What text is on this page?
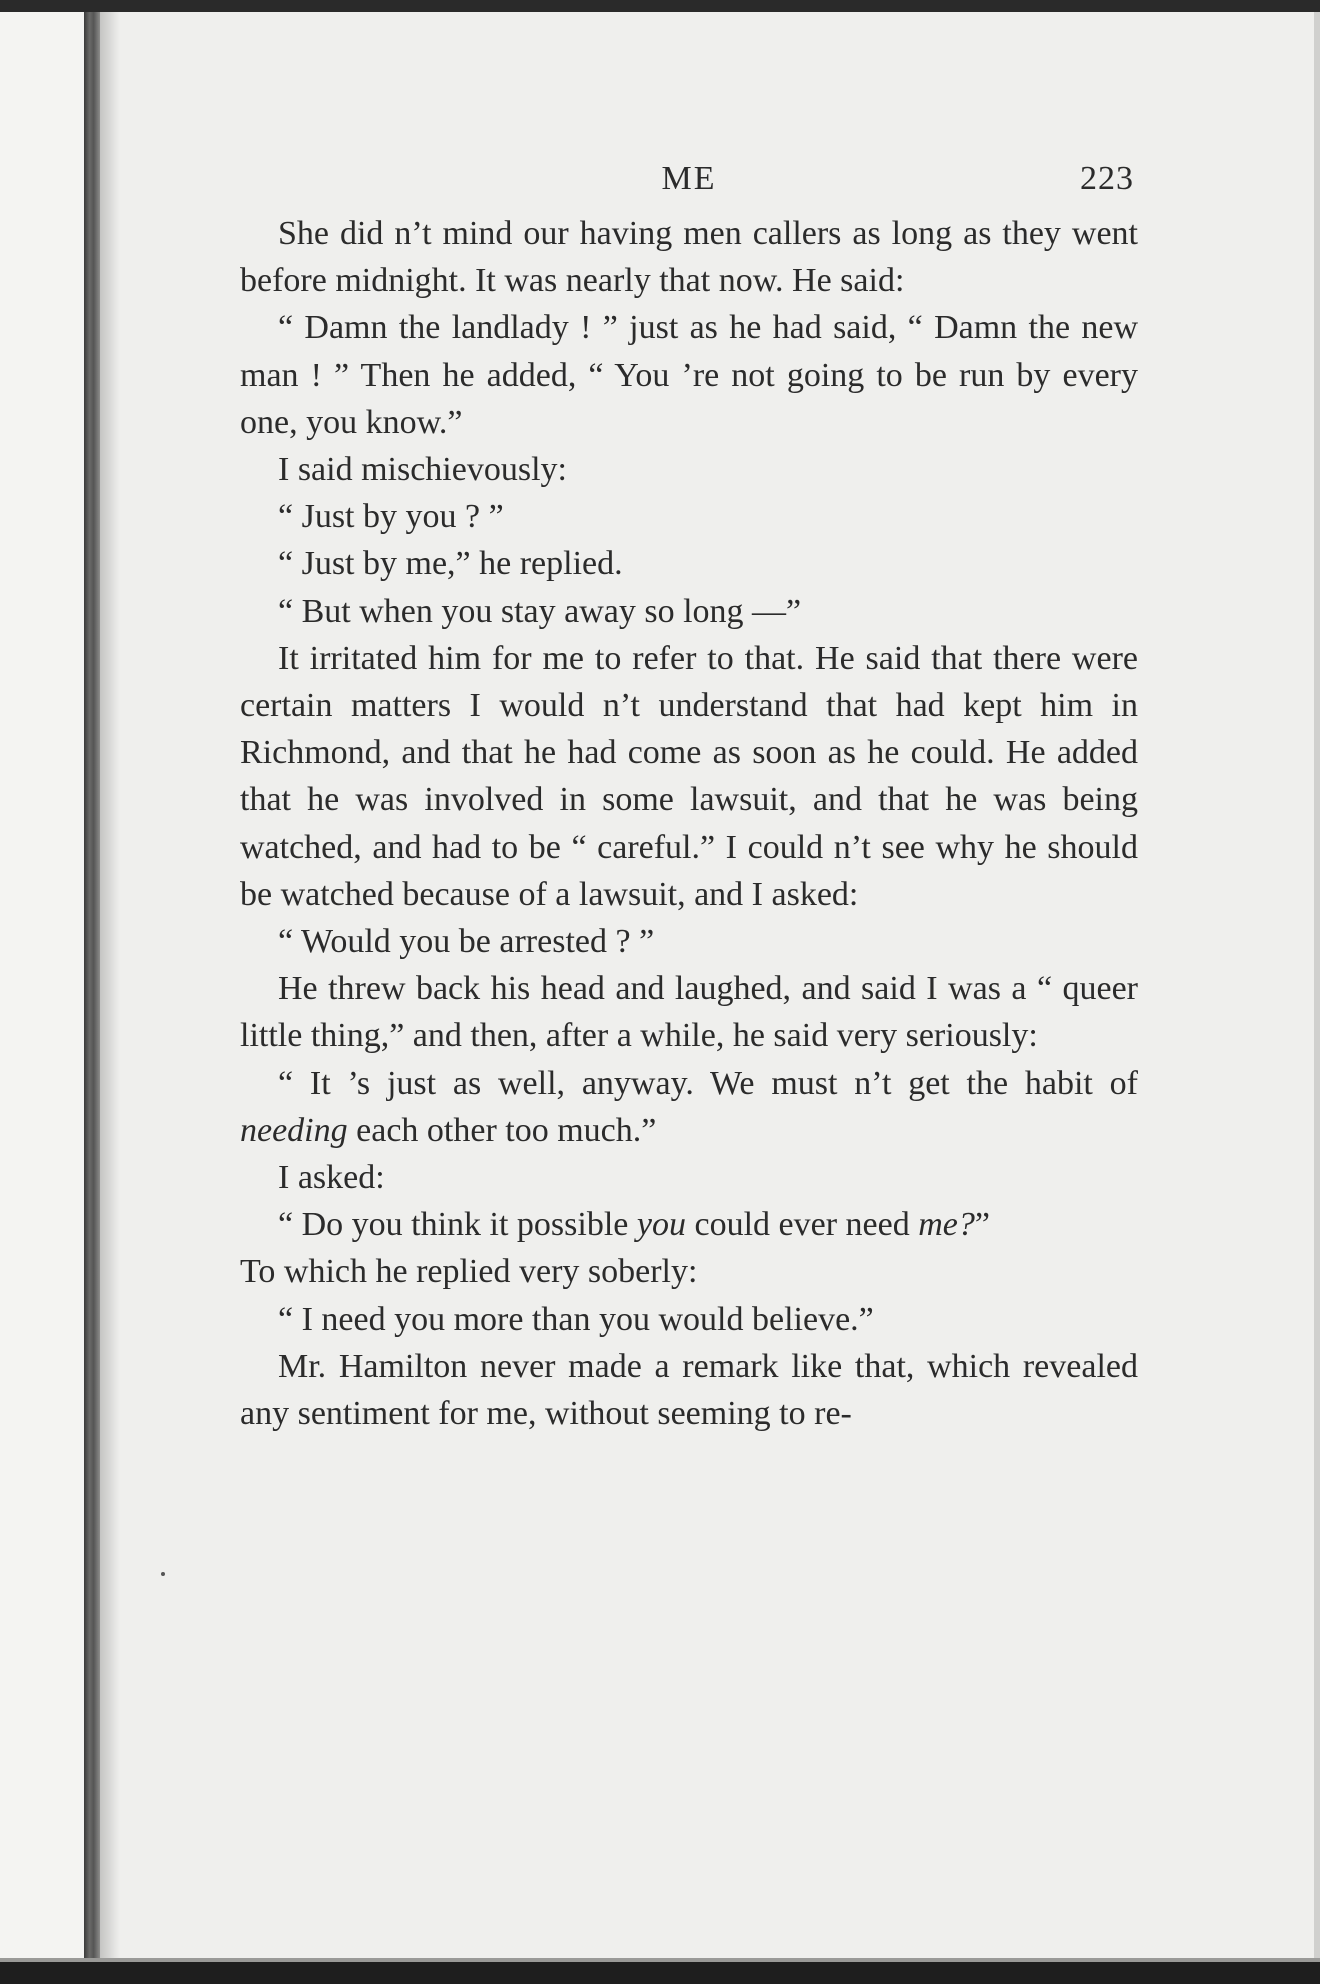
ME	223

She did n’t mind our having men callers as long as they went before midnight. It was nearly that now. He said:

“ Damn the landlady ! ” just as he had said, “ Damn the new man ! ” Then he added, “ You ’re not going to be run by every one, you know.”

I said mischievously:

“ Just by you ? ”

“ Just by me,” he replied.

“ But when you stay away so long —”

It irritated him for me to refer to that. He said that there were certain matters I would n’t understand that had kept him in Richmond, and that he had come as soon as he could. He added that he was involved in some lawsuit, and that he was being watched, and had to be “ careful.” I could n’t see why he should be watched because of a lawsuit, and I asked:

“ Would you be arrested ? ”

He threw back his head and laughed, and said I was a “ queer little thing,” and then, after a while, he said very seriously:

“ It ’s just as well, anyway. We must n’t get the habit of needing each other too much.”

I asked:

“ Do you think it possible you could ever need me?”

To which he replied very soberly:

“ I need you more than you would believe.”

Mr. Hamilton never made a remark like that, which revealed any sentiment for me, without seeming to re-
